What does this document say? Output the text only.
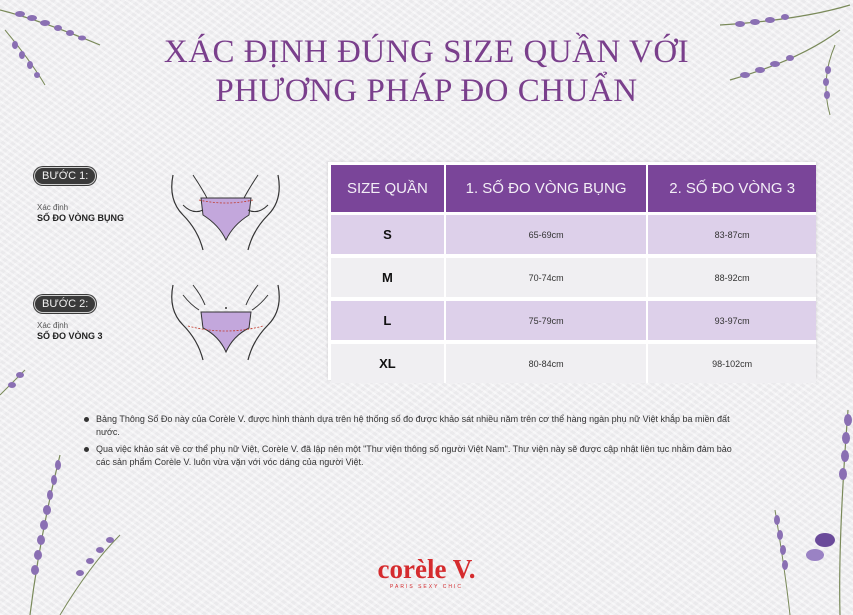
XÁC ĐỊNH ĐÚNG SIZE QUẦN VỚI
PHƯƠNG PHÁP ĐO CHUẨN
BƯỚC 1:
Xác định
SỐ ĐO VÒNG BỤNG
BƯỚC 2:
Xác định
SỐ ĐO VÒNG 3
SIZE QUẦN	1. SỐ ĐO VÒNG BỤNG	2. SỐ ĐO VÒNG 3
S	65-69cm	83-87cm
M	70-74cm	88-92cm
L	75-79cm	93-97cm
XL	80-84cm	98-102cm
Bảng Thông Số Đo này của Corèle V. được hình thành dựa trên hệ thống số đo được khảo sát nhiều năm trên cơ thể hàng ngàn phụ nữ Việt khắp ba miền đất nước.
Qua việc khảo sát về cơ thể phụ nữ Việt, Corèle V. đã lập nên một "Thư viện thông số người Việt Nam". Thư viện này sẽ được cập nhật liên tục nhằm đảm bảo các sản phẩm Corèle V. luôn vừa vặn với vóc dáng của người Việt.
corèle V.
PARIS SEXY CHIC
